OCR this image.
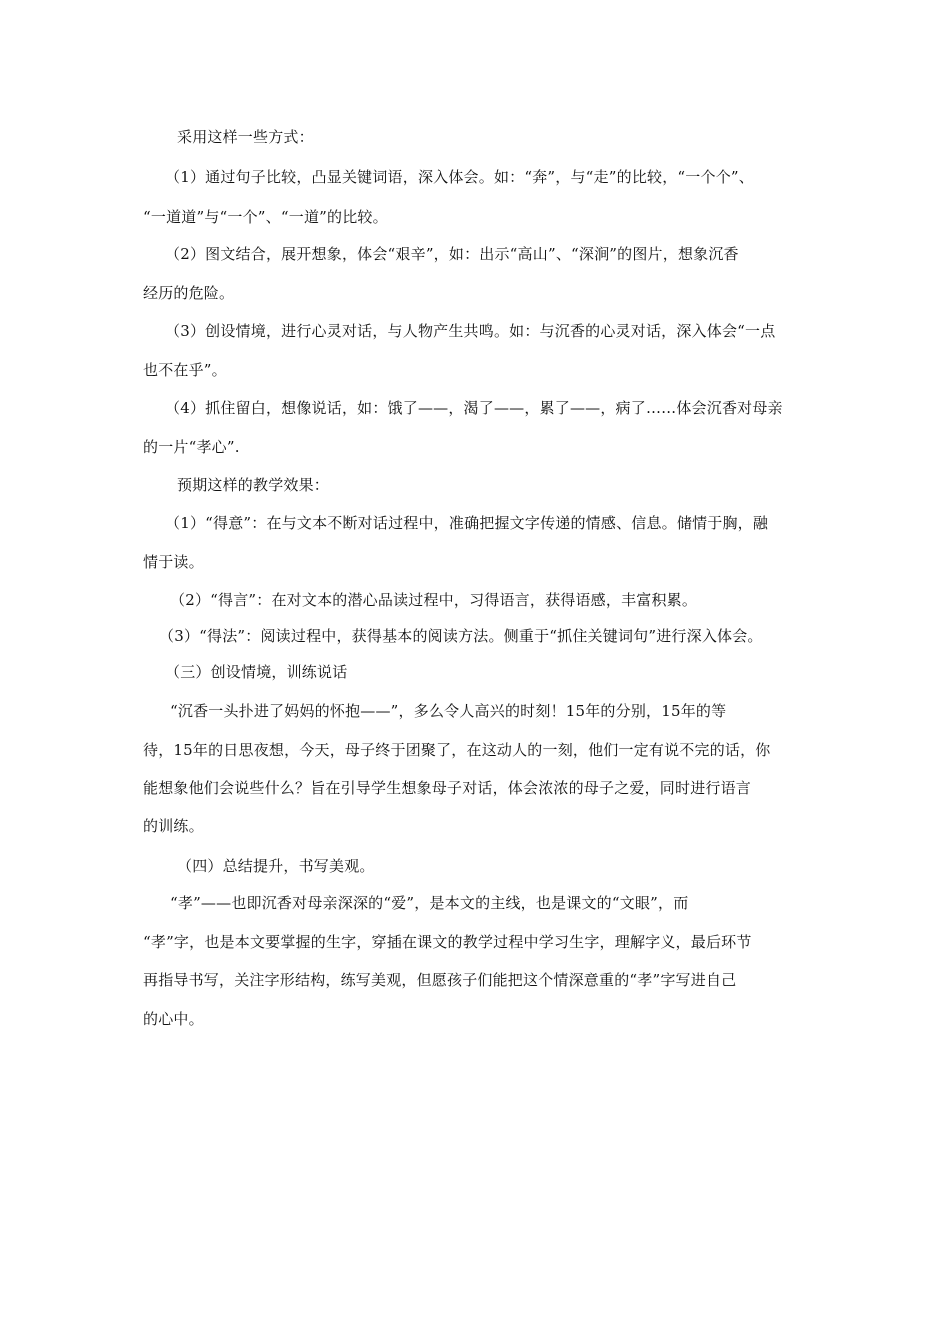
采用这样一些方式：
（1）通过句子比较，凸显关键词语，深入体会。如：“奔”，与“走”的比较，“一个个”、
“一道道”与“一个”、“一道”的比较。
（2）图文结合，展开想象，体会“艰辛”，如：出示“高山”、“深涧”的图片，想象沉香
经历的危险。
（3）创设情境，进行心灵对话，与人物产生共鸣。如：与沉香的心灵对话，深入体会“一点
也不在乎”。
（4）抓住留白，想像说话，如：饿了——，渴了——，累了——，病了……体会沉香对母亲
的一片“孝心”.
预期这样的教学效果：
（1）“得意”：在与文本不断对话过程中，准确把握文字传递的情感、信息。储情于胸，融
情于读。
（2）“得言”：在对文本的潜心品读过程中，习得语言，获得语感，丰富积累。
（3）“得法”：阅读过程中，获得基本的阅读方法。侧重于“抓住关键词句”进行深入体会。
（三）创设情境，训练说话
“沉香一头扑进了妈妈的怀抱——”，多么令人高兴的时刻！15年的分别，15年的等
待，15年的日思夜想，今天，母子终于团聚了，在这动人的一刻，他们一定有说不完的话，你
能想象他们会说些什么？旨在引导学生想象母子对话，体会浓浓的母子之爱，同时进行语言
的训练。
（四）总结提升，书写美观。
“孝”——也即沉香对母亲深深的“爱”，是本文的主线，也是课文的“文眼”，而
“孝”字，也是本文要掌握的生字，穿插在课文的教学过程中学习生字，理解字义，最后环节
再指导书写，关注字形结构，练写美观，但愿孩子们能把这个情深意重的“孝”字写进自己
的心中。
